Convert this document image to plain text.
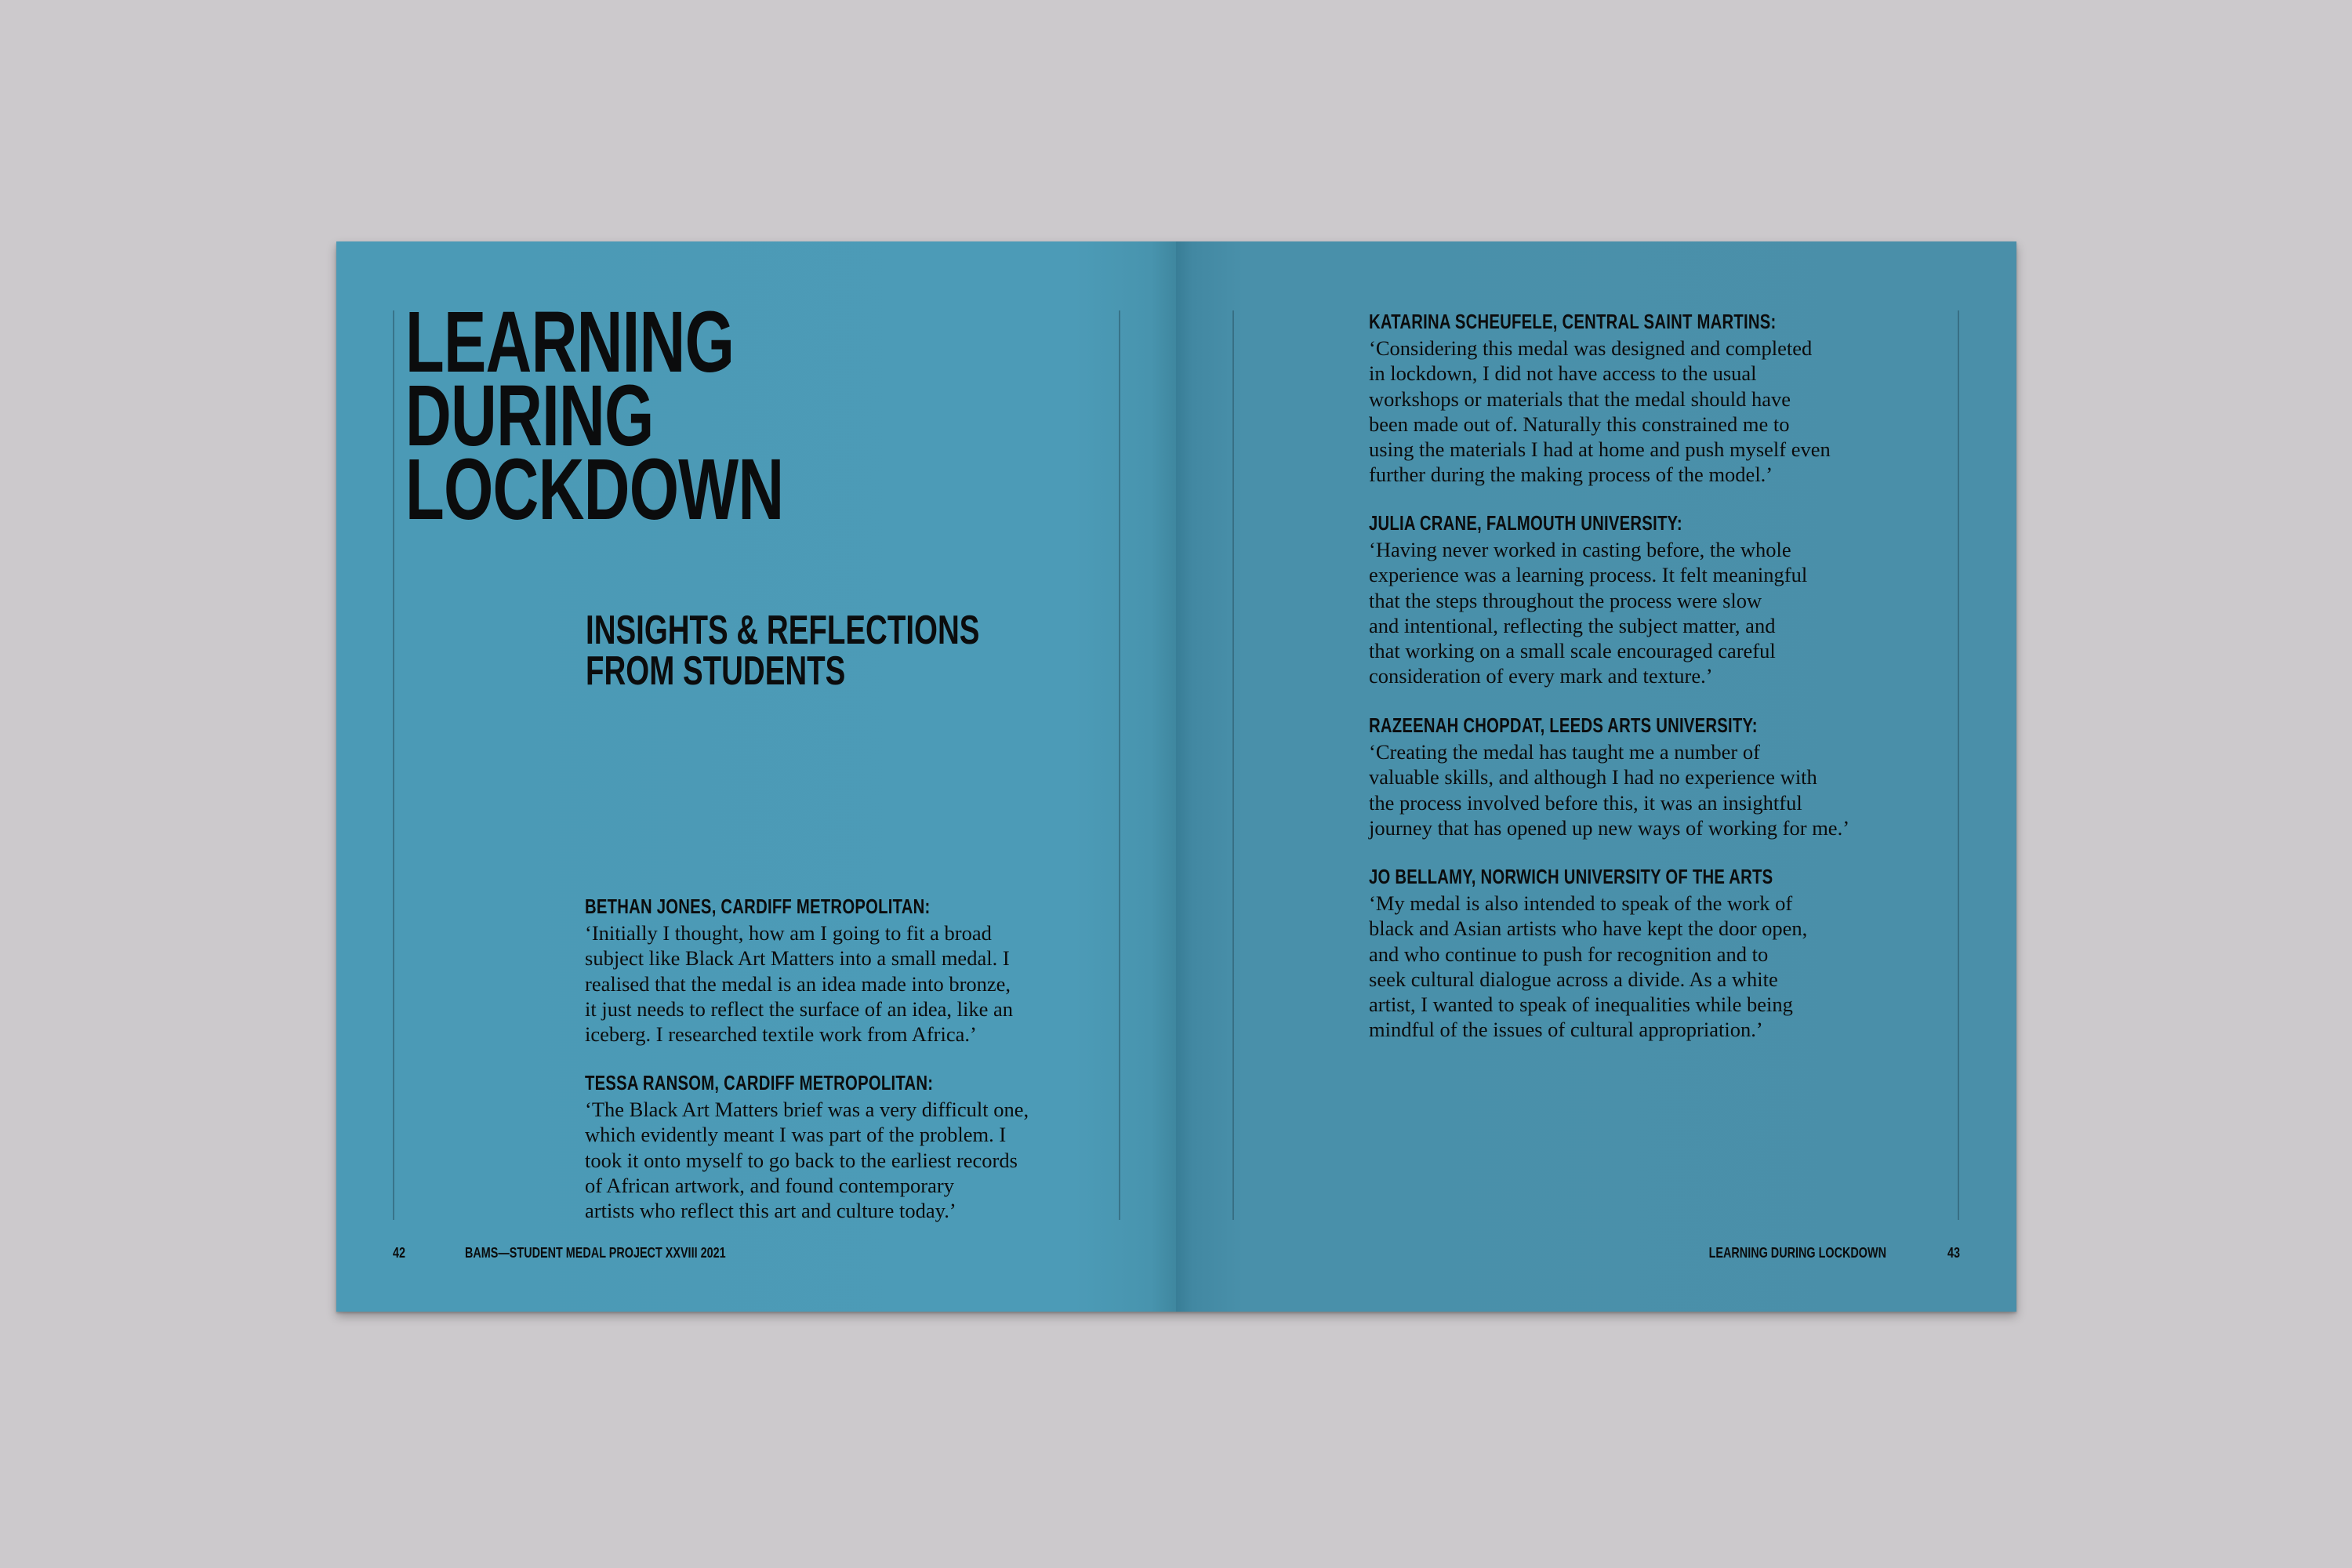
LEARNING
DURING
LOCKDOWN
INSIGHTS & REFLECTIONS
FROM STUDENTS
BETHAN JONES, CARDIFF METROPOLITAN:
‘Initially I thought, how am I going to fit a broad
subject like Black Art Matters into a small medal. I
realised that the medal is an idea made into bronze,
it just needs to reflect the surface of an idea, like an
iceberg. I researched textile work from Africa.’
TESSA RANSOM, CARDIFF METROPOLITAN:
‘The Black Art Matters brief was a very difficult one,
which evidently meant I was part of the problem. I
took it onto myself to go back to the earliest records
of African artwork, and found contemporary
artists who reflect this art and culture today.’
42	BAMS—STUDENT MEDAL PROJECT XXVIII 2021
KATARINA SCHEUFELE, CENTRAL SAINT MARTINS:
‘Considering this medal was designed and completed
in lockdown, I did not have access to the usual
workshops or materials that the medal should have
been made out of. Naturally this constrained me to
using the materials I had at home and push myself even
further during the making process of the model.’
JULIA CRANE, FALMOUTH UNIVERSITY:
‘Having never worked in casting before, the whole
experience was a learning process. It felt meaningful
that the steps throughout the process were slow
and intentional, reflecting the subject matter, and
that working on a small scale encouraged careful
consideration of every mark and texture.’
RAZEENAH CHOPDAT, LEEDS ARTS UNIVERSITY:
‘Creating the medal has taught me a number of
valuable skills, and although I had no experience with
the process involved before this, it was an insightful
journey that has opened up new ways of working for me.’
JO BELLAMY, NORWICH UNIVERSITY OF THE ARTS
‘My medal is also intended to speak of the work of
black and Asian artists who have kept the door open,
and who continue to push for recognition and to
seek cultural dialogue across a divide. As a white
artist, I wanted to speak of inequalities while being
mindful of the issues of cultural appropriation.’
LEARNING DURING LOCKDOWN	43
